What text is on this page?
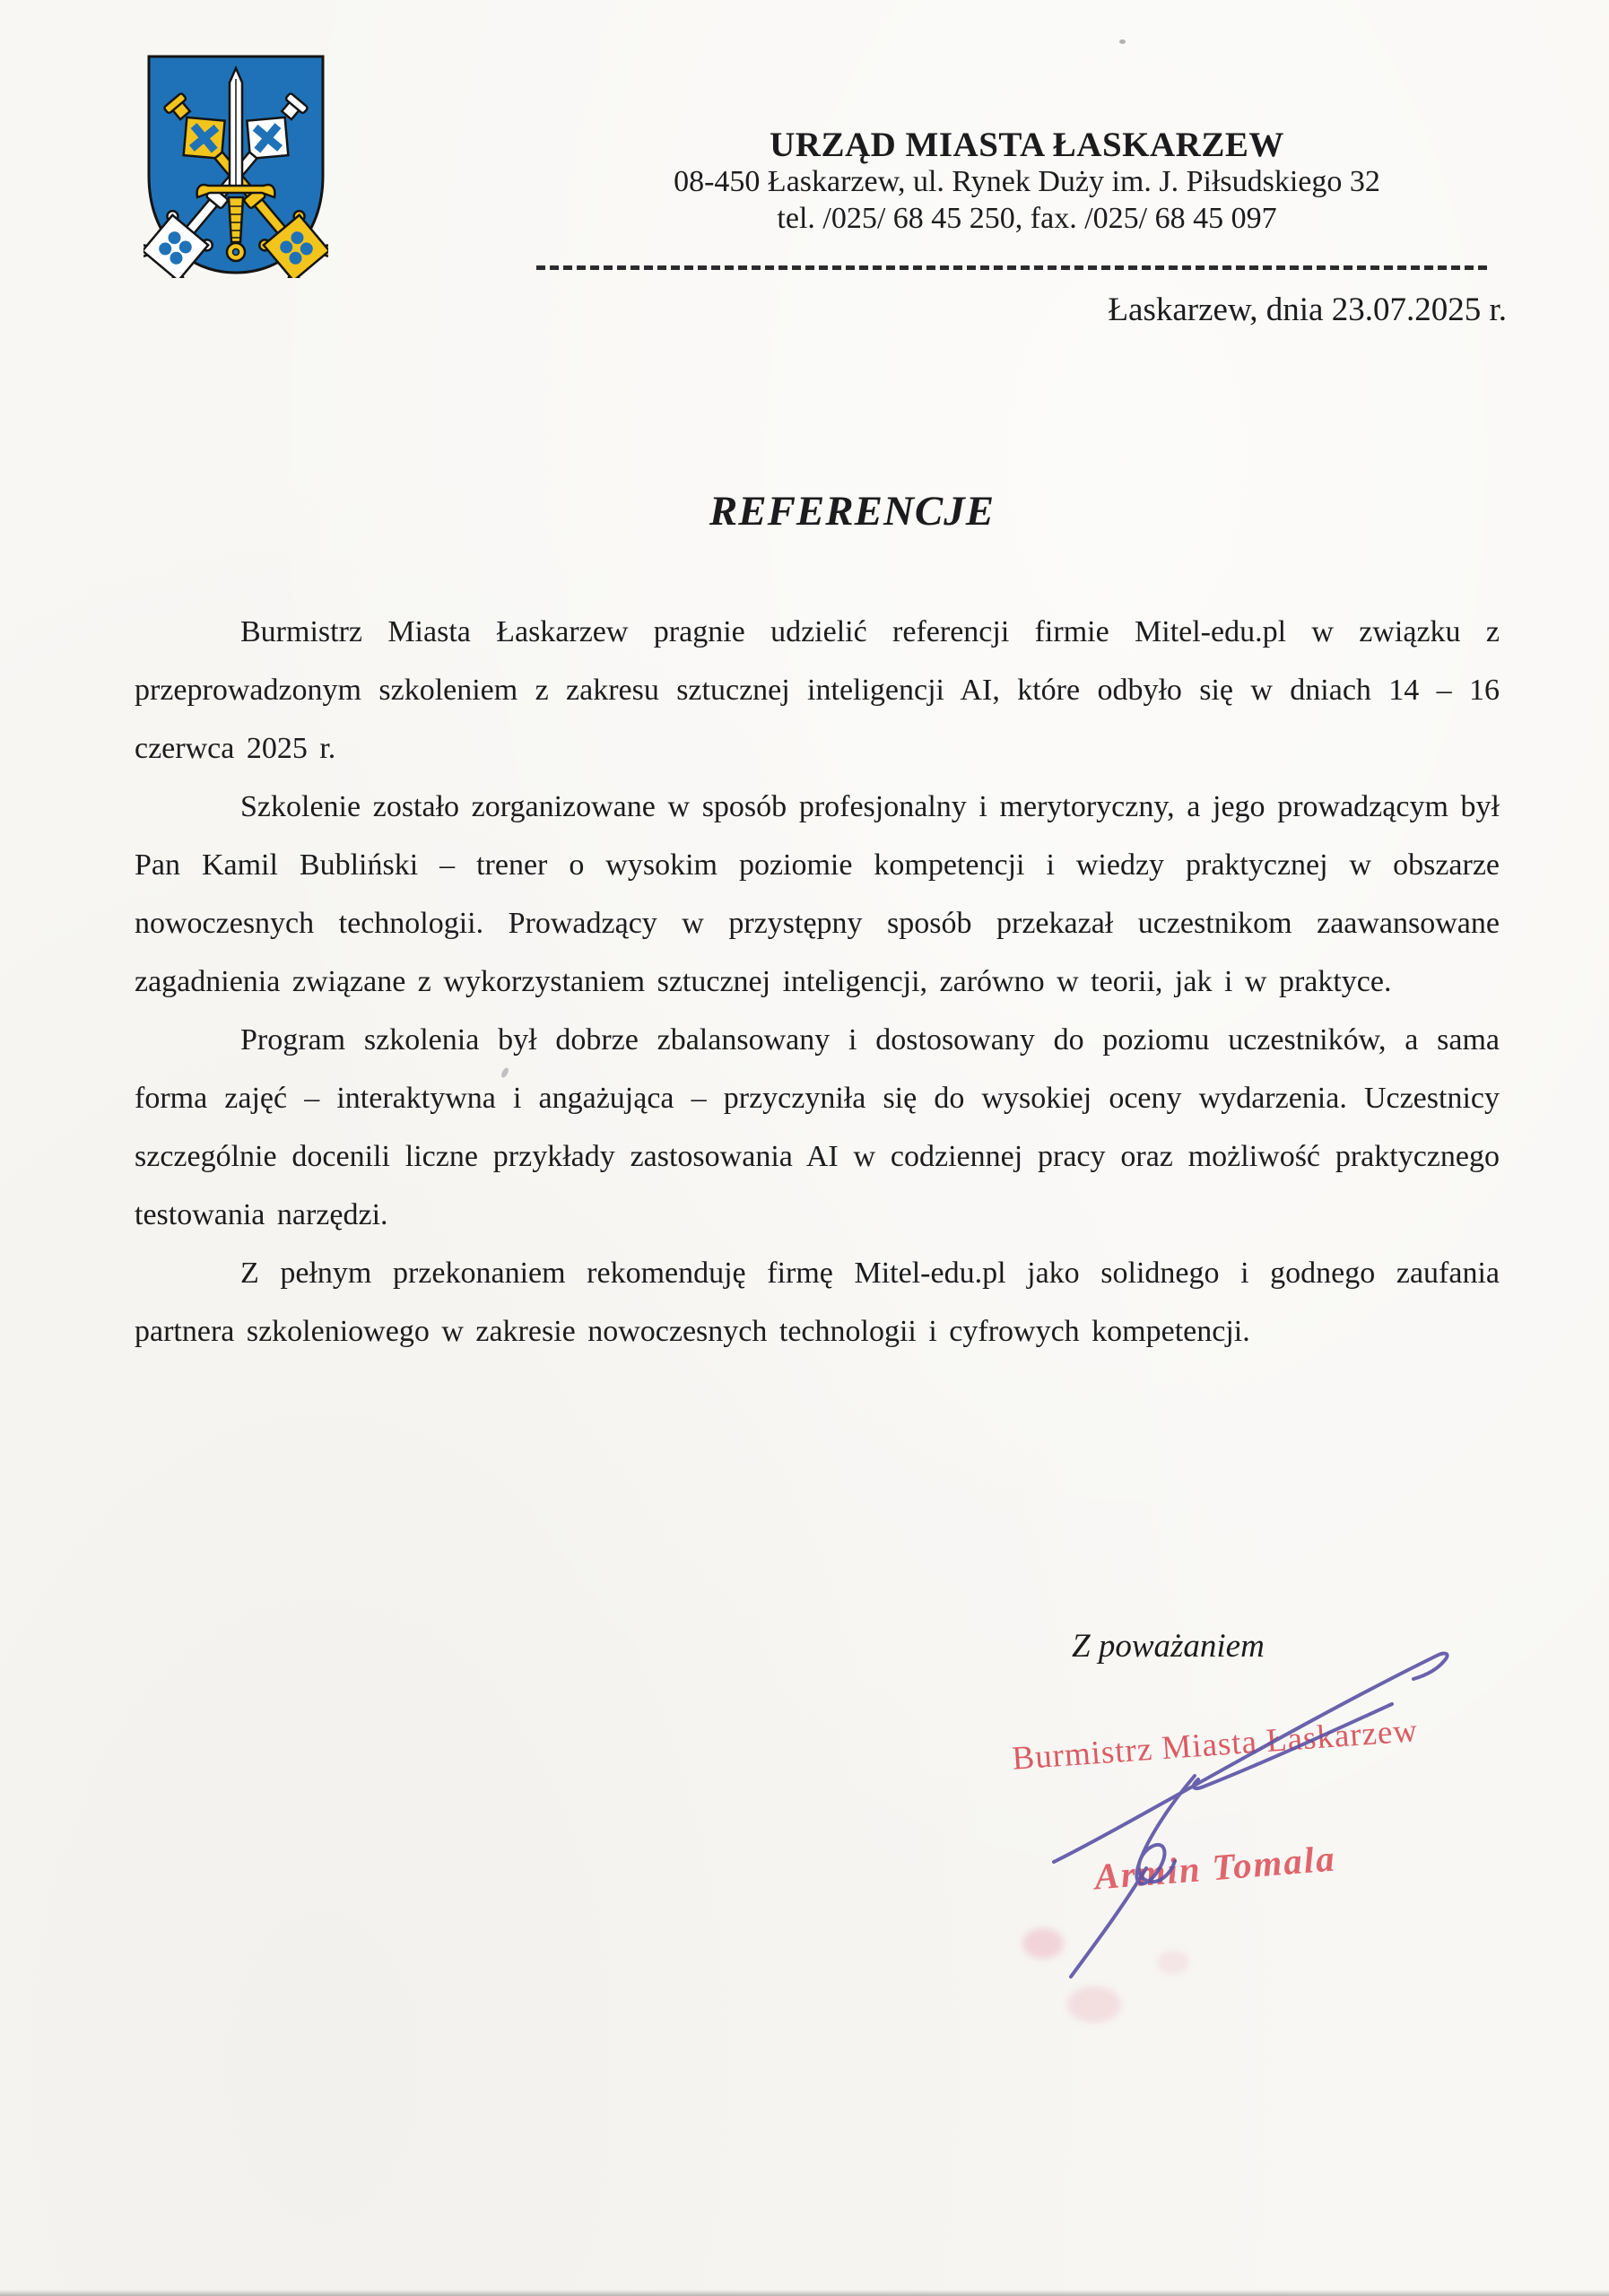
URZĄD MIASTA ŁASKARZEW
08-450 Łaskarzew, ul. Rynek Duży im. J. Piłsudskiego 32
tel. /025/ 68 45 250, fax. /025/ 68 45 097
Łaskarzew, dnia 23.07.2025 r.
REFERENCJE

Burmistrz Miasta Łaskarzew pragnie udzielić referencji firmie Mitel-edu.pl w związku z przeprowadzonym szkoleniem z zakresu sztucznej inteligencji AI, które odbyło się w dniach 14 – 16 czerwca 2025 r.

Szkolenie zostało zorganizowane w sposób profesjonalny i merytoryczny, a jego prowadzącym był Pan Kamil Bubliński – trener o wysokim poziomie kompetencji i wiedzy praktycznej w obszarze nowoczesnych technologii. Prowadzący w przystępny sposób przekazał uczestnikom zaawansowane zagadnienia związane z wykorzystaniem sztucznej inteligencji, zarówno w teorii, jak i w praktyce.

Program szkolenia był dobrze zbalansowany i dostosowany do poziomu uczestników, a sama forma zajęć – interaktywna i angażująca – przyczyniła się do wysokiej oceny wydarzenia. Uczestnicy szczególnie docenili liczne przykłady zastosowania AI w codziennej pracy oraz możliwość praktycznego testowania narzędzi.

Z pełnym przekonaniem rekomenduję firmę Mitel-edu.pl jako solidnego i godnego zaufania partnera szkoleniowego w zakresie nowoczesnych technologii i cyfrowych kompetencji.

Z poważaniem
Burmistrz Miasta Łaskarzew
Armin Tomala
